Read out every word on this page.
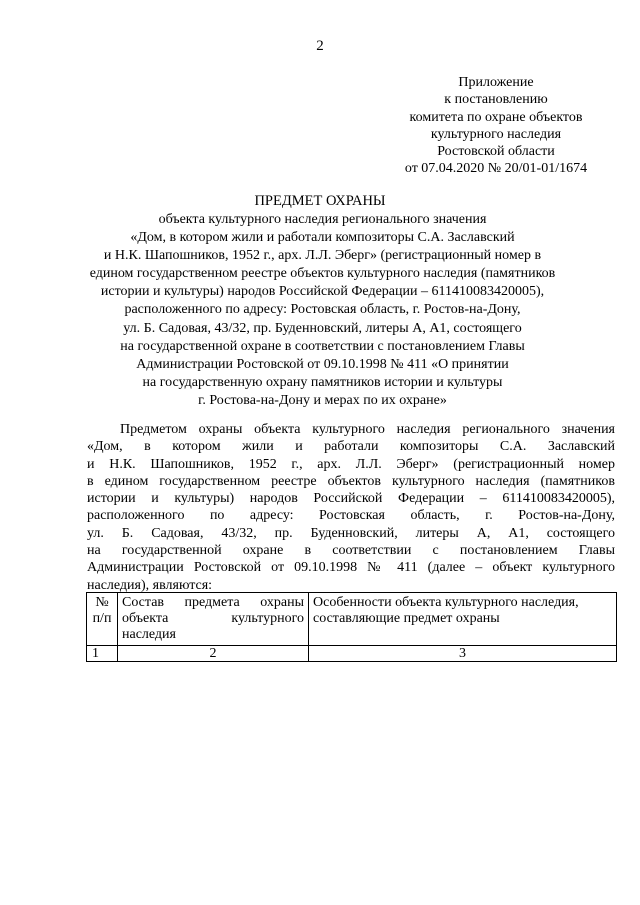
2
Приложение
к постановлению
комитета по охране объектов
культурного наследия
Ростовской области
от 07.04.2020 № 20/01-01/1674
ПРЕДМЕТ ОХРАНЫ
объекта культурного наследия регионального значения
«Дом, в котором жили и работали композиторы С.А. Заславский
и Н.К. Шапошников, 1952 г., арх. Л.Л. Эберг» (регистрационный номер в
едином государственном реестре объектов культурного наследия (памятников
истории и культуры) народов Российской Федерации – 611410083420005),
расположенного по адресу: Ростовская область, г. Ростов-на-Дону,
ул. Б. Садовая, 43/32, пр. Буденновский, литеры А, А1, состоящего
на государственной охране в соответствии с постановлением Главы
Администрации Ростовской от 09.10.1998 № 411 «О принятии
на государственную охрану памятников истории и культуры
г. Ростова-на-Дону и мерах по их охране»
Предметом охраны объекта культурного наследия регионального значения
«Дом, в котором жили и работали композиторы С.А. Заславский
и Н.К. Шапошников, 1952 г., арх. Л.Л. Эберг» (регистрационный номер
в едином государственном реестре объектов культурного наследия (памятников
истории и культуры) народов Российской Федерации – 611410083420005),
расположенного по адресу: Ростовская область, г. Ростов-на-Дону,
ул. Б. Садовая, 43/32, пр. Буденновский, литеры А, А1, состоящего
на государственной охране в соответствии с постановлением Главы
Администрации Ростовской от 09.10.1998 № 411 (далее – объект культурного
наследия), являются:
№ п/п	Состав предмета охраны
объекта культурного
наследия	Особенности объекта культурного наследия, составляющие предмет охраны
1	2	3
